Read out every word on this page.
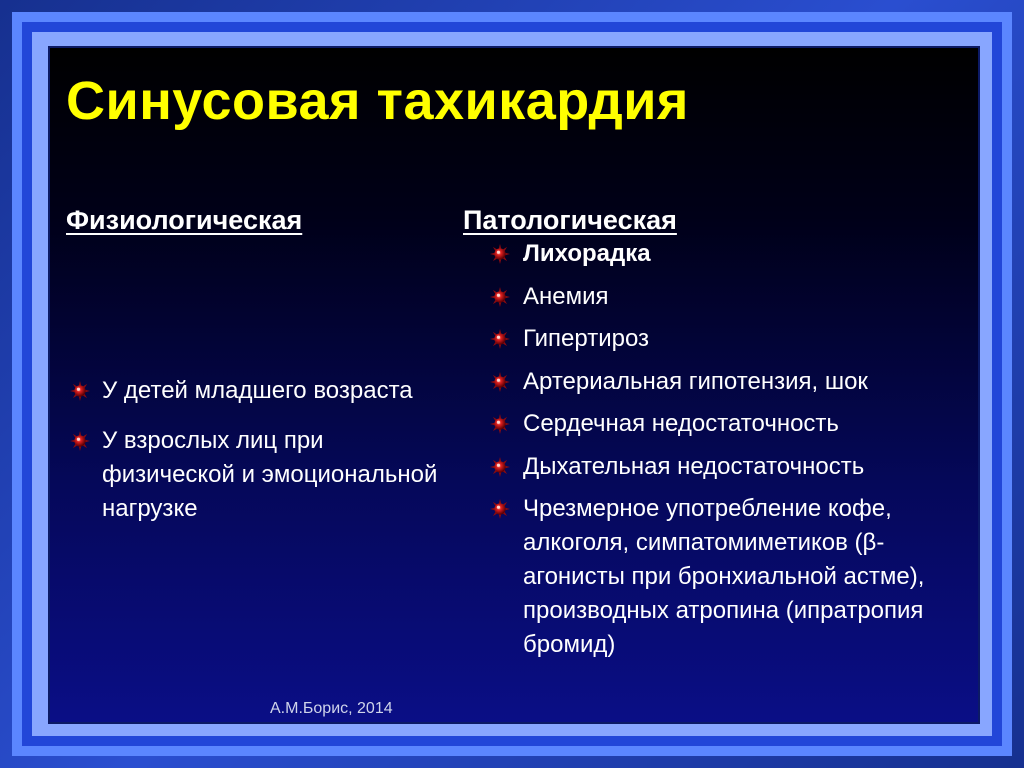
Синусовая тахикардия
Физиологическая	Патологическая
У детей младшего возраста
У взрослых лиц при физической и эмоциональной нагрузке
Лихорадка
Анемия
Гипертироз
Артериальная гипотензия, шок
Сердечная недостаточность
Дыхательная недостаточность
Чрезмерное употребление кофе, алкоголя, симпатомиметиков (β-агонисты при бронхиальной астме), производных атропина (ипратропия бромид)
А.М.Борис, 2014
